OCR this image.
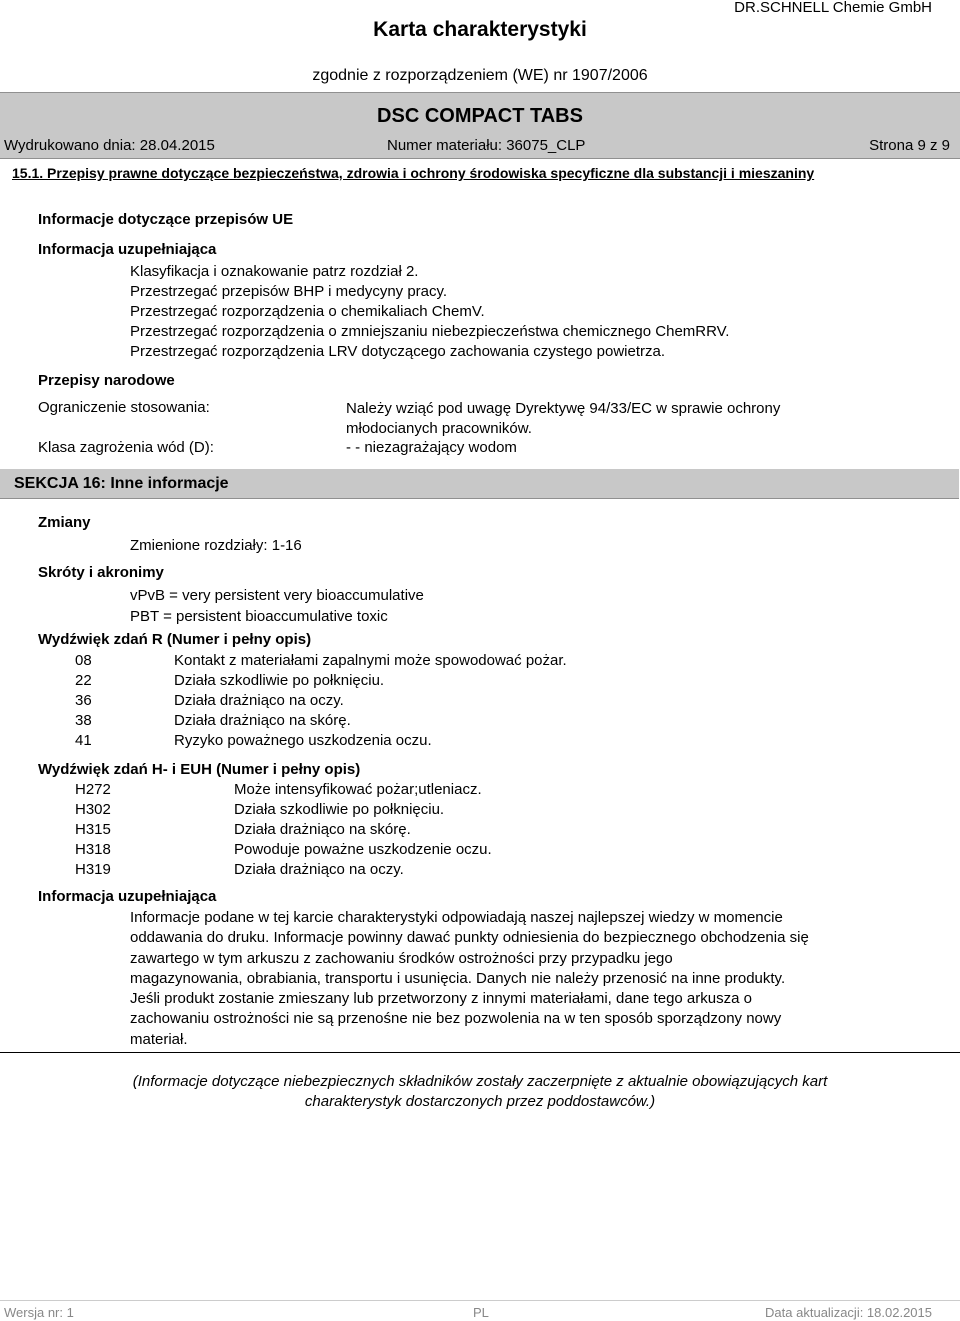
DR.SCHNELL Chemie GmbH
Karta charakterystyki
zgodnie z rozporządzeniem (WE) nr 1907/2006
DSC COMPACT TABS
Wydrukowano dnia: 28.04.2015	Numer materiału: 36075_CLP	Strona 9 z 9
15.1. Przepisy prawne dotyczące bezpieczeństwa, zdrowia i ochrony środowiska specyficzne dla substancji i mieszaniny
Informacje dotyczące przepisów UE
Informacja uzupełniająca
Klasyfikacja i oznakowanie patrz rozdział 2.
Przestrzegać przepisów BHP i medycyny pracy.
Przestrzegać rozporządzenia o chemikaliach ChemV.
Przestrzegać rozporządzenia o zmniejszaniu niebezpieczeństwa chemicznego ChemRRV.
Przestrzegać rozporządzenia LRV dotyczącego zachowania czystego powietrza.
Przepisy narodowe
Ograniczenie stosowania:	Należy wziąć pod uwagę Dyrektywę 94/33/EC w sprawie ochrony
młodocianych pracowników.
Klasa zagrożenia wód (D):	- - niezagrażający wodom
SEKCJA 16: Inne informacje
Zmiany
Zmienione rozdziały: 1-16
Skróty i akronimy
vPvB = very persistent very bioaccumulative
PBT = persistent bioaccumulative toxic
Wydźwięk zdań R (Numer i pełny opis)
08	Kontakt z materiałami zapalnymi może spowodować pożar.
22	Działa szkodliwie po połknięciu.
36	Działa drażniąco na oczy.
38	Działa drażniąco na skórę.
41	Ryzyko poważnego uszkodzenia oczu.
Wydźwięk zdań H- i EUH (Numer i pełny opis)
H272	Może intensyfikować pożar;utleniacz.
H302	Działa szkodliwie po połknięciu.
H315	Działa drażniąco na skórę.
H318	Powoduje poważne uszkodzenie oczu.
H319	Działa drażniąco na oczy.
Informacja uzupełniająca
Informacje podane w tej karcie charakterystyki odpowiadają naszej najlepszej wiedzy w momencie
oddawania do druku. Informacje powinny dawać punkty odniesienia do bezpiecznego obchodzenia się
zawartego w tym arkuszu z zachowaniu środków ostrożności przy przypadku jego
magazynowania, obrabiania, transportu i usunięcia. Danych nie należy przenosić na inne produkty.
Jeśli produkt zostanie zmieszany lub przetworzony z innymi materiałami, dane tego arkusza o
zachowaniu ostrożności nie są przenośne nie bez pozwolenia na w ten sposób sporządzony nowy
materiał.
(Informacje dotyczące niebezpiecznych składników zostały zaczerpnięte z aktualnie obowiązujących kart
charakterystyk dostarczonych przez poddostawców.)
Wersja nr: 1	PL	Data aktualizacji: 18.02.2015
